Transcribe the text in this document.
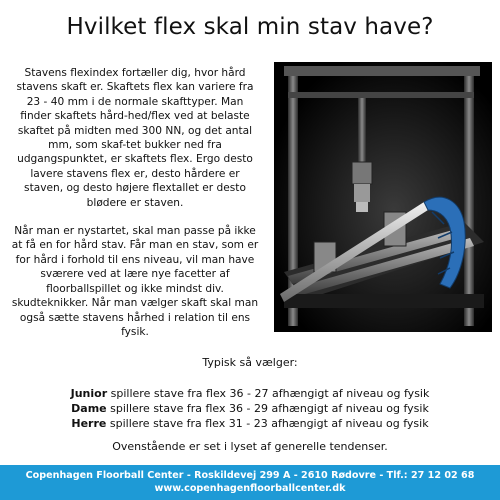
Hvilket flex skal min stav have?

Stavens flexindex fortæller dig, hvor hård stavens skaft er. Skaftets flex kan variere fra 23 - 40 mm i de normale skafttyper. Man finder skaftets hård-hed/flex ved at belaste skaftet på midten med 300 NN, og det antal mm, som skaf-tet bukker ned fra udgangspunktet, er skaftets flex. Ergo desto lavere stavens flex er, desto hårdere er staven, og desto højere flextallet er desto blødere er staven.

Når man er nystartet, skal man passe på ikke at få en for hård stav. Får man en stav, som er for hård i forhold til ens niveau, vil man have sværere ved at lære nye facetter af floorballspillet og ikke mindst div. skudteknikker. Når man vælger skaft skal man også sætte stavens hårhed i relation til ens fysik.

Typisk så vælger:
Junior spillere stave fra flex 36 - 27 afhængigt af niveau og fysik
Dame spillere stave fra flex 36 - 29 afhængigt af niveau og fysik
Herre spillere stave fra flex 31 - 23 afhængigt af niveau og fysik
Ovenstående er set i lyset af generelle tendenser.
Copenhagen Floorball Center - Roskildevej 299 A - 2610 Rødovre - Tlf.: 27 12 02 68
www.copenhagenfloorballcenter.dk
